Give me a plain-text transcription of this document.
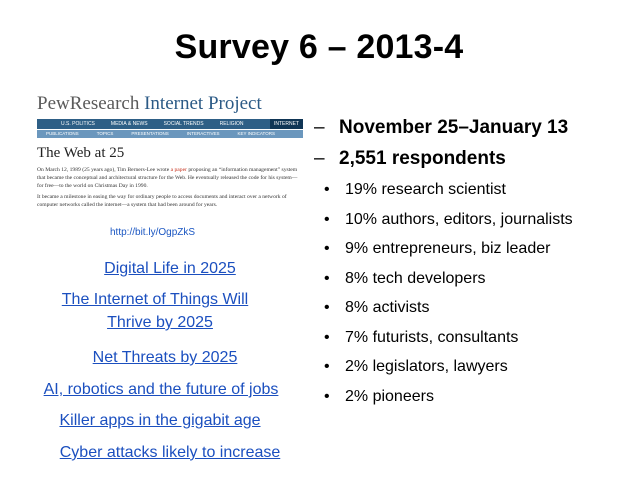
Survey 6 – 2013-4
PewResearch Internet Project
U.S. POLITICS	MEDIA & NEWS	SOCIAL TRENDS	RELIGION	INTERNET
PUBLICATIONS	TOPICS	PRESENTATIONS	INTERACTIVES	KEY INDICATORS
The Web at 25

On March 12, 1989 (25 years ago), Tim Berners-Lee wrote a paper proposing an “information management” system that became the conceptual and architectural structure for the Web. He eventually released the code for his system—for free—to the world on Christmas Day in 1990.

It became a milestone in easing the way for ordinary people to access documents and interact over a network of computer networks called the internet—a system that had been around for years.

http://bit.ly/OgpZkS
Digital Life in 2025
The Internet of Things Will
Thrive by 2025
Net Threats by 2025
AI, robotics and the future of jobs
Killer apps in the gigabit age
Cyber attacks likely to increase
– November 25–January 13
– 2,551 respondents
• 19% research scientist
• 10% authors, editors, journalists
• 9% entrepreneurs, biz leader
• 8% tech developers
• 8% activists
• 7% futurists, consultants
• 2% legislators, lawyers
• 2% pioneers
